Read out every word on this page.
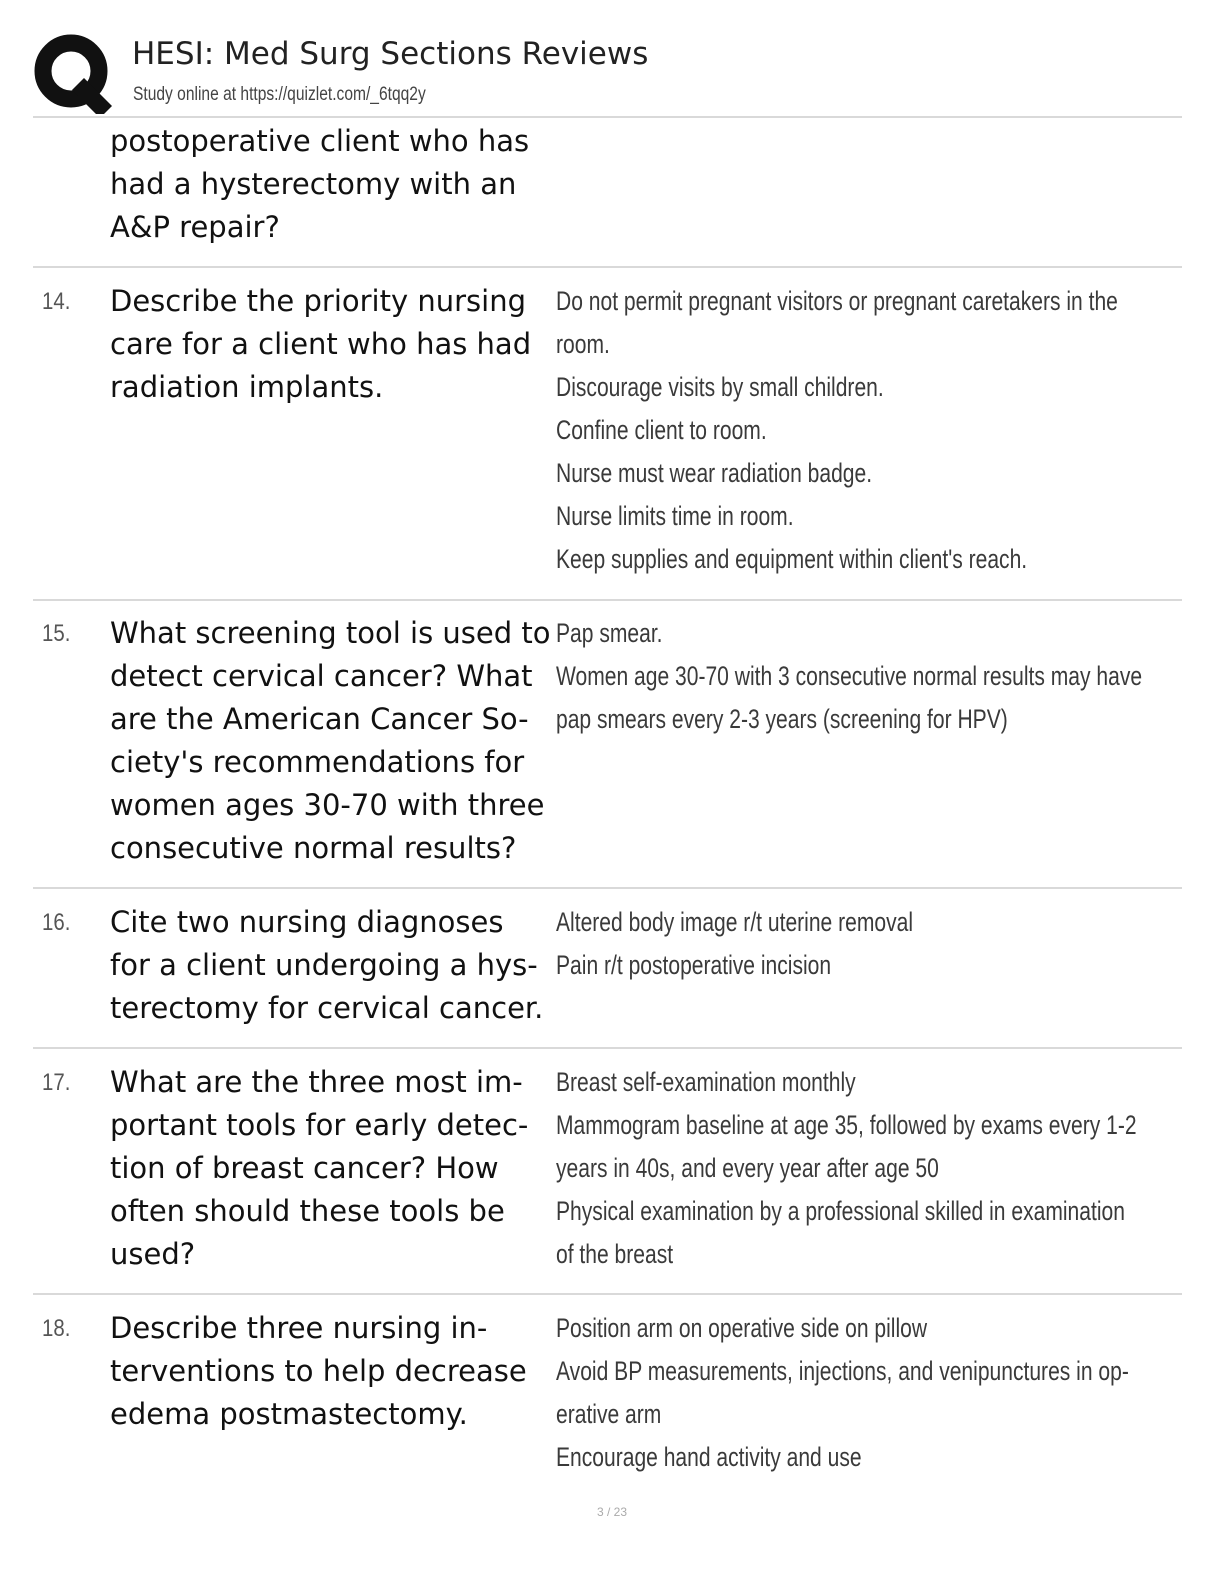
HESI: Med Surg Sections Reviews
Study online at https://quizlet.com/_6tqq2y
postoperative client who has
had a hysterectomy with an
A&P repair?
14. Describe the priority nursing
care for a client who has had
radiation implants.
Do not permit pregnant visitors or pregnant caretakers in the
room.
Discourage visits by small children.
Confine client to room.
Nurse must wear radiation badge.
Nurse limits time in room.
Keep supplies and equipment within client's reach.
15. What screening tool is used to
detect cervical cancer? What
are the American Cancer So-
ciety's recommendations for
women ages 30-70 with three
consecutive normal results?
Pap smear.
Women age 30-70 with 3 consecutive normal results may have
pap smears every 2-3 years (screening for HPV)
16. Cite two nursing diagnoses
for a client undergoing a hys-
terectomy for cervical cancer.
Altered body image r/t uterine removal
Pain r/t postoperative incision
17. What are the three most im-
portant tools for early detec-
tion of breast cancer? How
often should these tools be
used?
Breast self-examination monthly
Mammogram baseline at age 35, followed by exams every 1-2
years in 40s, and every year after age 50
Physical examination by a professional skilled in examination
of the breast
18. Describe three nursing in-
terventions to help decrease
edema postmastectomy.
Position arm on operative side on pillow
Avoid BP measurements, injections, and venipunctures in op-
erative arm
Encourage hand activity and use
3 / 23
